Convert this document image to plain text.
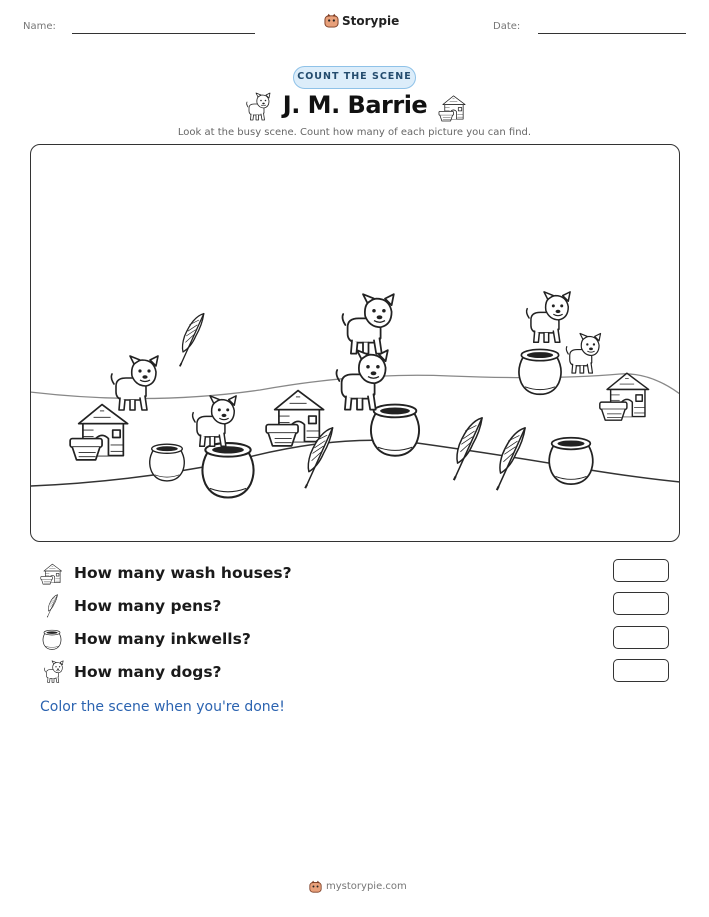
Name:	Storypie	Date:
COUNT THE SCENE
J. M. Barrie
Look at the busy scene. Count how many of each picture you can find.
How many wash houses?
How many pens?
How many inkwells?
How many dogs?
Color the scene when you're done!
mystorypie.com
